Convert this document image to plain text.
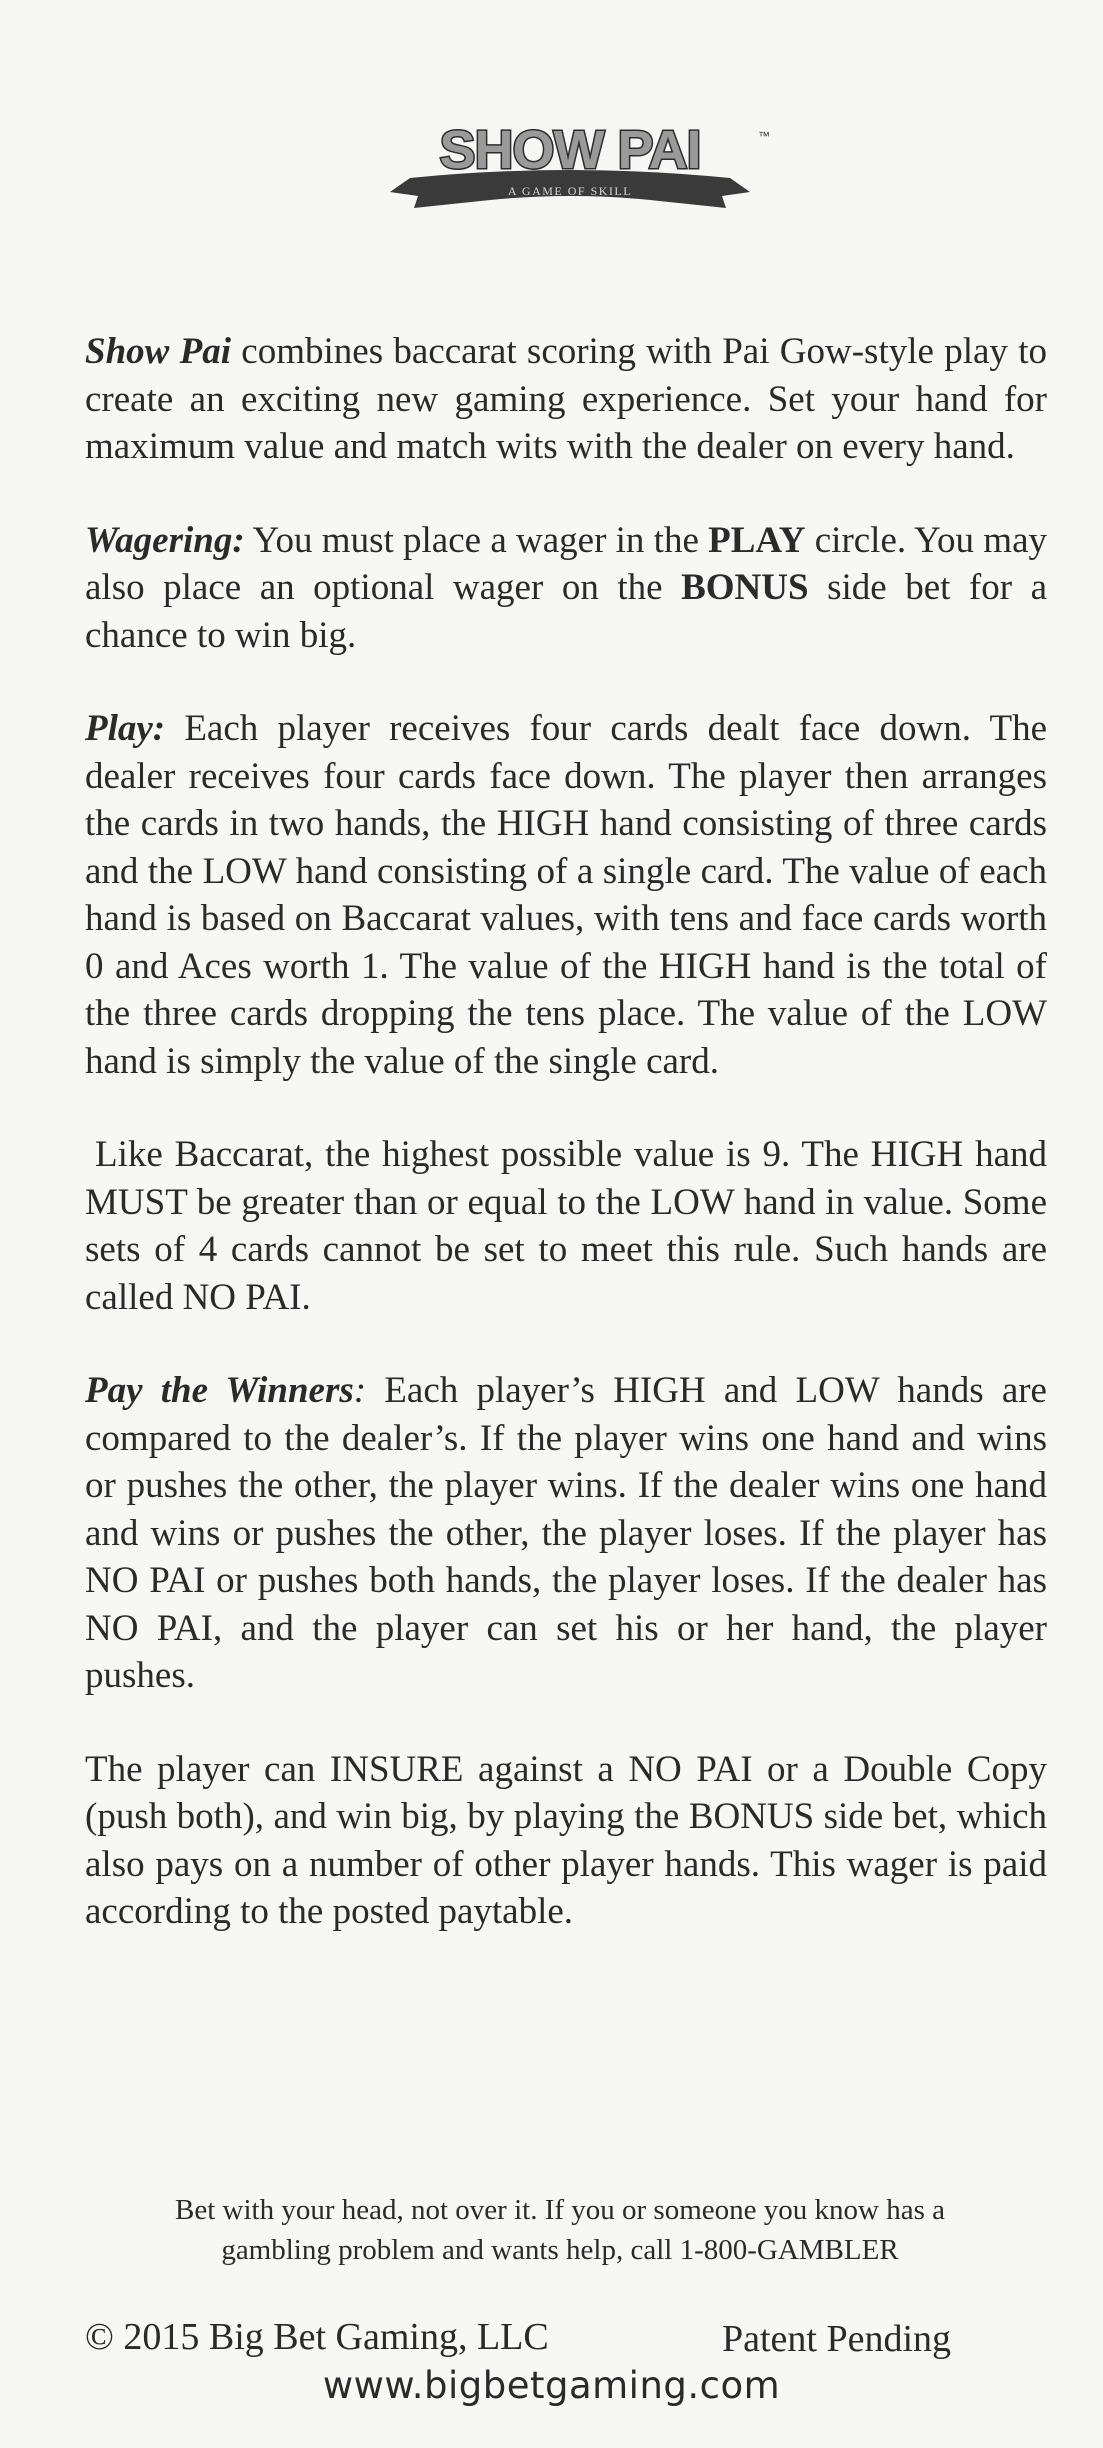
A GAME OF SKILL
SHOW PAI	™

Show Pai combines baccarat scoring with Pai Gow-style play to create an exciting new gaming experience. Set your hand for maximum value and match wits with the dealer on every hand.

Wagering: You must place a wager in the PLAY circle. You may also place an optional wager on the BONUS side bet for a chance to win big.

Play: Each player receives four cards dealt face down. The dealer receives four cards face down. The player then arranges the cards in two hands, the HIGH hand consisting of three cards and the LOW hand consisting of a single card. The value of each hand is based on Baccarat values, with tens and face cards worth 0 and Aces worth 1. The value of the HIGH hand is the total of the three cards dropping the tens place. The value of the LOW hand is simply the value of the single card.

Like Baccarat, the highest possible value is 9. The HIGH hand MUST be greater than or equal to the LOW hand in value. Some sets of 4 cards cannot be set to meet this rule. Such hands are called NO PAI.

Pay the Winners: Each player’s HIGH and LOW hands are compared to the dealer’s. If the player wins one hand and wins or pushes the other, the player wins. If the dealer wins one hand and wins or pushes the other, the player loses. If the player has NO PAI or pushes both hands, the player loses. If the dealer has NO PAI, and the player can set his or her hand, the player pushes.

The player can INSURE against a NO PAI or a Double Copy (push both), and win big, by playing the BONUS side bet, which also pays on a number of other player hands. This wager is paid according to the posted paytable.

Bet with your head, not over it. If you or someone you know has a
gambling problem and wants help, call 1-800-GAMBLER
© 2015 Big Bet Gaming, LLC	Patent Pending
www.bigbetgaming.com
